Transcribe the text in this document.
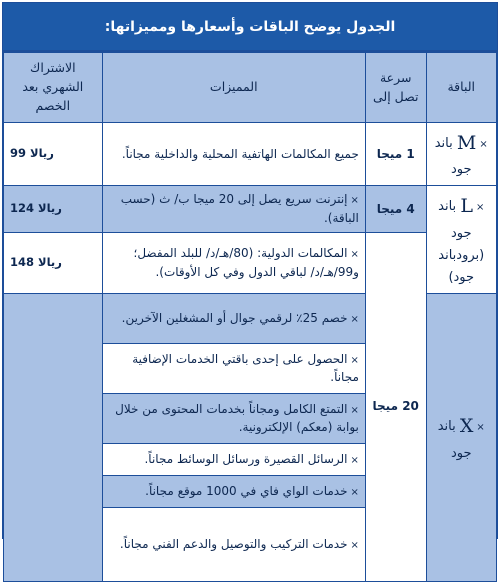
الجدول يوضح الباقات وأسعارها ومميزاتها:
الباقة	سرعة تصل إلى	المميزات	الاشتراك الشهري بعد الخصم
×M باند جود	1 ميجا	جميع المكالمات الهاتفية المحلية والداخلية مجاناً.	99 ريالا
×L باند جود (برودباند جود)	4 ميجا	×إنترنت سريع يصل إلى 20 ميجا ب/ ث (حسب الباقة).	124 ريالا
	20 ميجا	×المكالمات الدولية: (80/هـ/د/ للبلد المفضل؛ و99/هـ/د/ لباقي الدول وفي كل الأوقات).	148 ريالا
×X باند جود		×خصم 25٪ لرقمي جوال أو المشغلين الآخرين.	
		×الحصول على إحدى باقتي الخدمات الإضافية مجاناً.	
		×التمتع الكامل ومجاناً بخدمات المحتوى من خلال بوابة (معكم) الإلكترونية.	
		×الرسائل القصيرة ورسائل الوسائط مجاناً.	
		×خدمات الواي فاي في 1000 موقع مجاناً.	
		×خدمات التركيب والتوصيل والدعم الفني مجاناً.	
